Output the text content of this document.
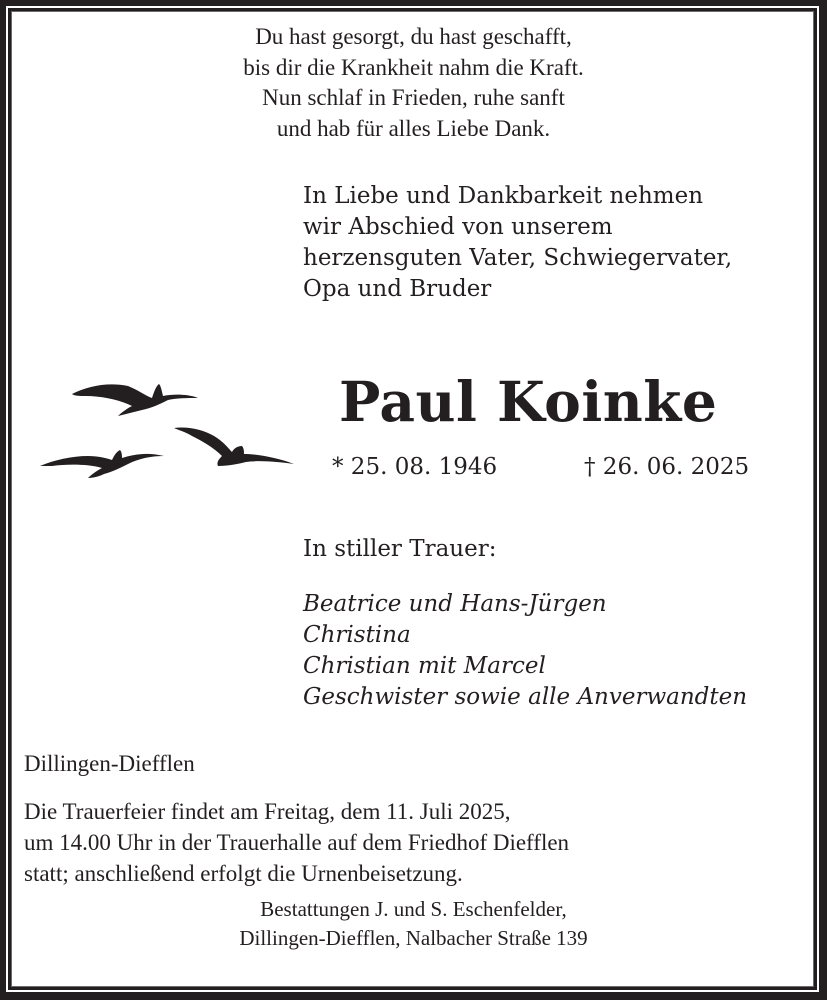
Du hast gesorgt, du hast geschafft,
bis dir die Krankheit nahm die Kraft.
Nun schlaf in Frieden, ruhe sanft
und hab für alles Liebe Dank.
In Liebe und Dankbarkeit nehmen
wir Abschied von unserem
herzensguten Vater, Schwiegervater,
Opa und Bruder
Paul Koinke
* 25. 08. 1946	† 26. 06. 2025
In stiller Trauer:
Beatrice und Hans-Jürgen
Christina
Christian mit Marcel
Geschwister sowie alle Anverwandten
Dillingen-Diefflen
Die Trauerfeier findet am Freitag, dem 11. Juli 2025,
um 14.00 Uhr in der Trauerhalle auf dem Friedhof Diefflen
statt; anschließend erfolgt die Urnenbeisetzung.
Bestattungen J. und S. Eschenfelder,
Dillingen-Diefflen, Nalbacher Straße 139
